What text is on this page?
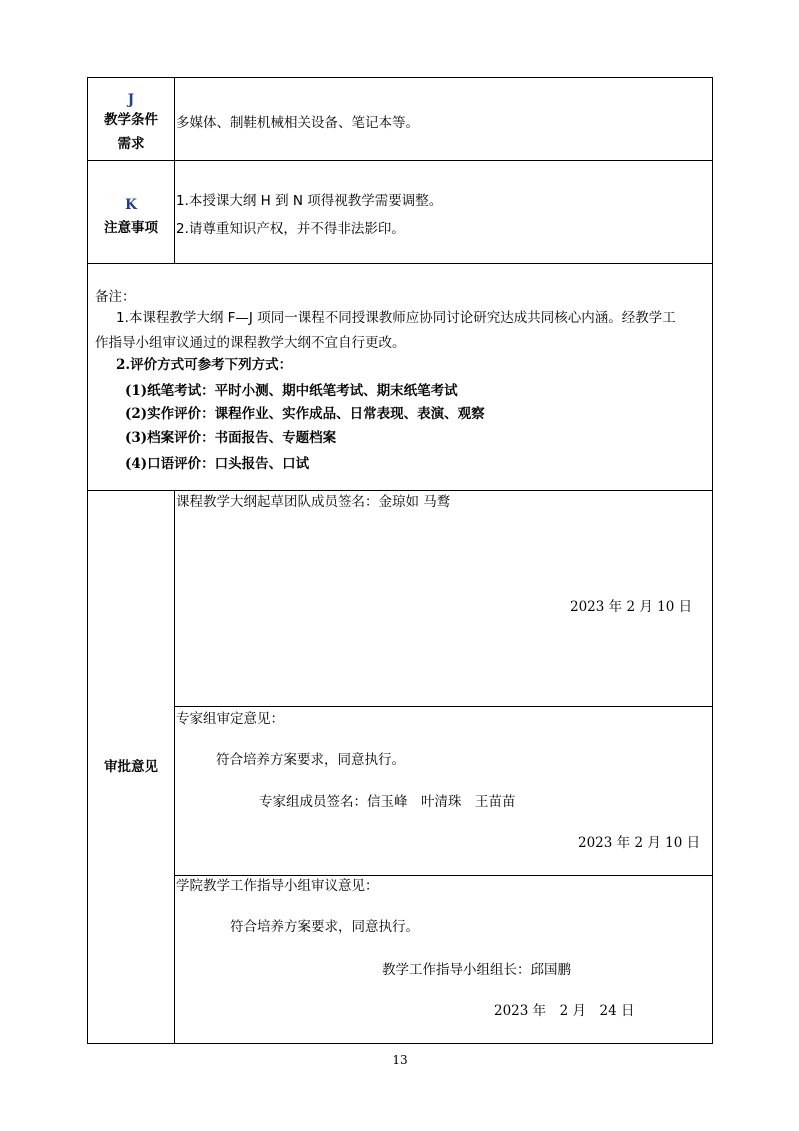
J
教学条件
需求
多媒体、制鞋机械相关设备、笔记本等。
K
注意事项
1.本授课大纲 H 到 N 项得视教学需要调整。
2.请尊重知识产权，并不得非法影印。
备注：
1.本课程教学大纲 F—J 项同一课程不同授课教师应协同讨论研究达成共同核心内涵。经教学工
作指导小组审议通过的课程教学大纲不宜自行更改。
2.评价方式可参考下列方式：
(1)纸笔考试：平时小测、期中纸笔考试、期末纸笔考试
(2)实作评价：课程作业、实作成品、日常表现、表演、观察
(3)档案评价：书面报告、专题档案
(4)口语评价：口头报告、口试
审批意见
课程教学大纲起草团队成员签名：金琼如 马鹜
2023 年 2 月 10 日
专家组审定意见：
符合培养方案要求，同意执行。
专家组成员签名：信玉峰　叶清珠　王苗苗
2023 年 2 月 10 日
学院教学工作指导小组审议意见：
符合培养方案要求，同意执行。
教学工作指导小组组长：邱国鹏
2023 年　2 月　24 日
13
